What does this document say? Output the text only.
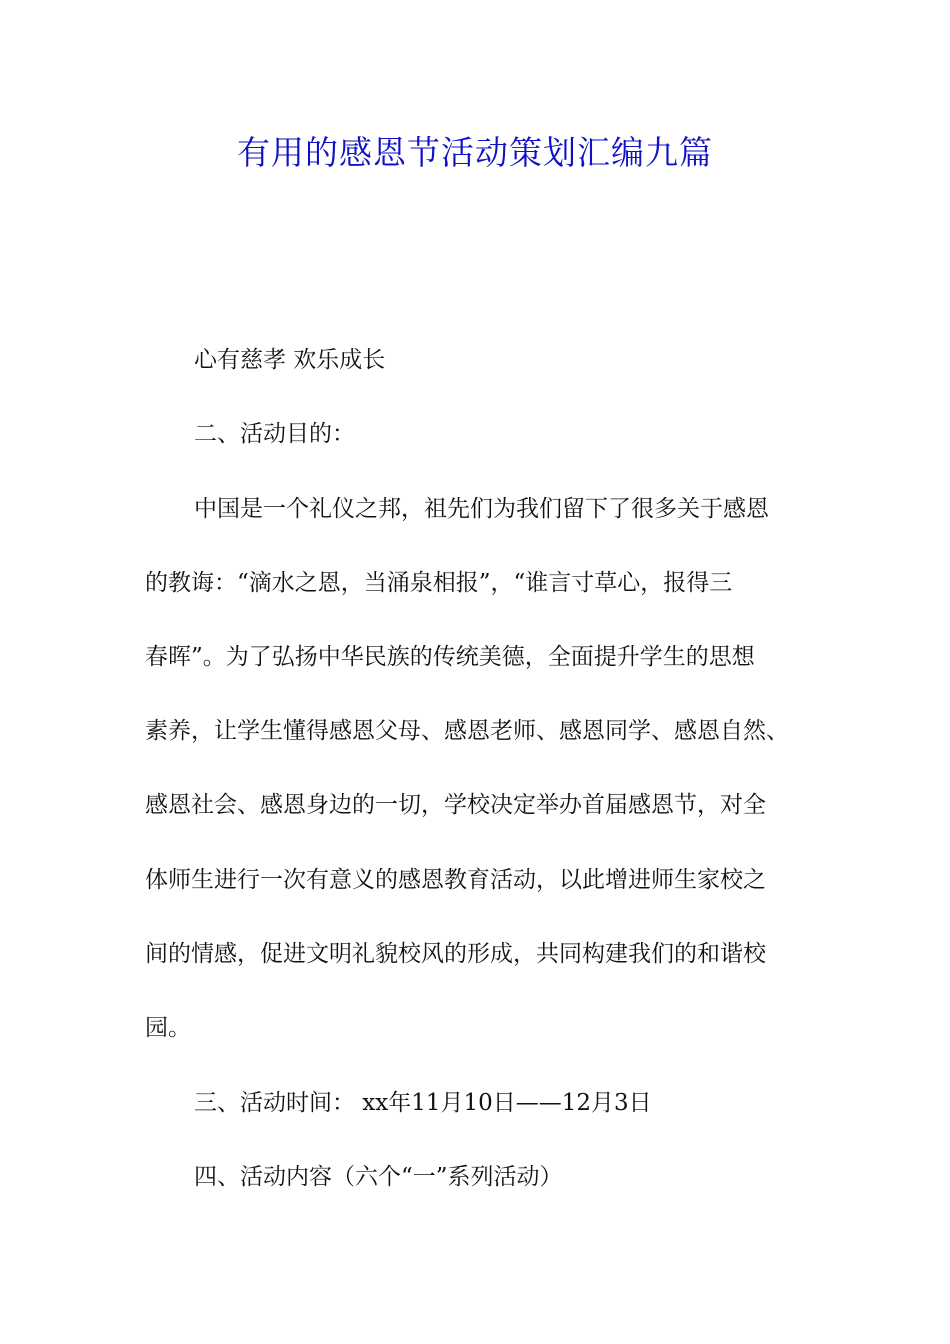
有用的感恩节活动策划汇编九篇

心有慈孝 欢乐成长

二、活动目的：

中国是一个礼仪之邦，祖先们为我们留下了很多关于感恩

的教诲：“滴水之恩，当涌泉相报”，“谁言寸草心，报得三

春晖”。为了弘扬中华民族的传统美德，全面提升学生的思想

素养，让学生懂得感恩父母、感恩老师、感恩同学、感恩自然、

感恩社会、感恩身边的一切，学校决定举办首届感恩节，对全

体师生进行一次有意义的感恩教育活动，以此增进师生家校之

间的情感，促进文明礼貌校风的形成，共同构建我们的和谐校

园。

三、活动时间： xx年11月10日——12月3日

四、活动内容（六个“一”系列活动）
